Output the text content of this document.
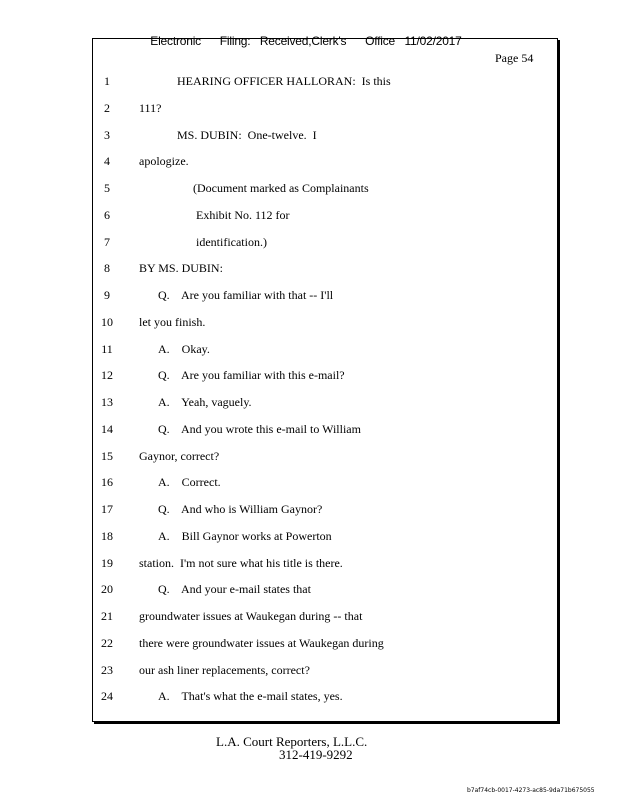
Electronic Filing: Received,Clerk's Office 11/02/2017

Page 54
1	HEARING OFFICER HALLORAN:  Is this
2	111?
3	MS. DUBIN:  One-twelve.  I
4	apologize.
5	(Document marked as Complainants
6	Exhibit No. 112 for
7	identification.)
8	BY MS. DUBIN:
9	Q.    Are you familiar with that -- I'll
10 let you finish.
11	A.    Okay.
12	Q.    Are you familiar with this e-mail?
13	A.    Yeah, vaguely.
14	Q.    And you wrote this e-mail to William
15 Gaynor, correct?
16	A.    Correct.
17	Q.    And who is William Gaynor?
18	A.    Bill Gaynor works at Powerton
19 station.  I'm not sure what his title is there.
20	Q.    And your e-mail states that
21 groundwater issues at Waukegan during -- that
22 there were groundwater issues at Waukegan during
23 our ash liner replacements, correct?
24	A.    That's what the e-mail states, yes.
L.A. Court Reporters, L.L.C.
312-419-9292
b7af74cb-0017-4273-ac85-9da71b675055
